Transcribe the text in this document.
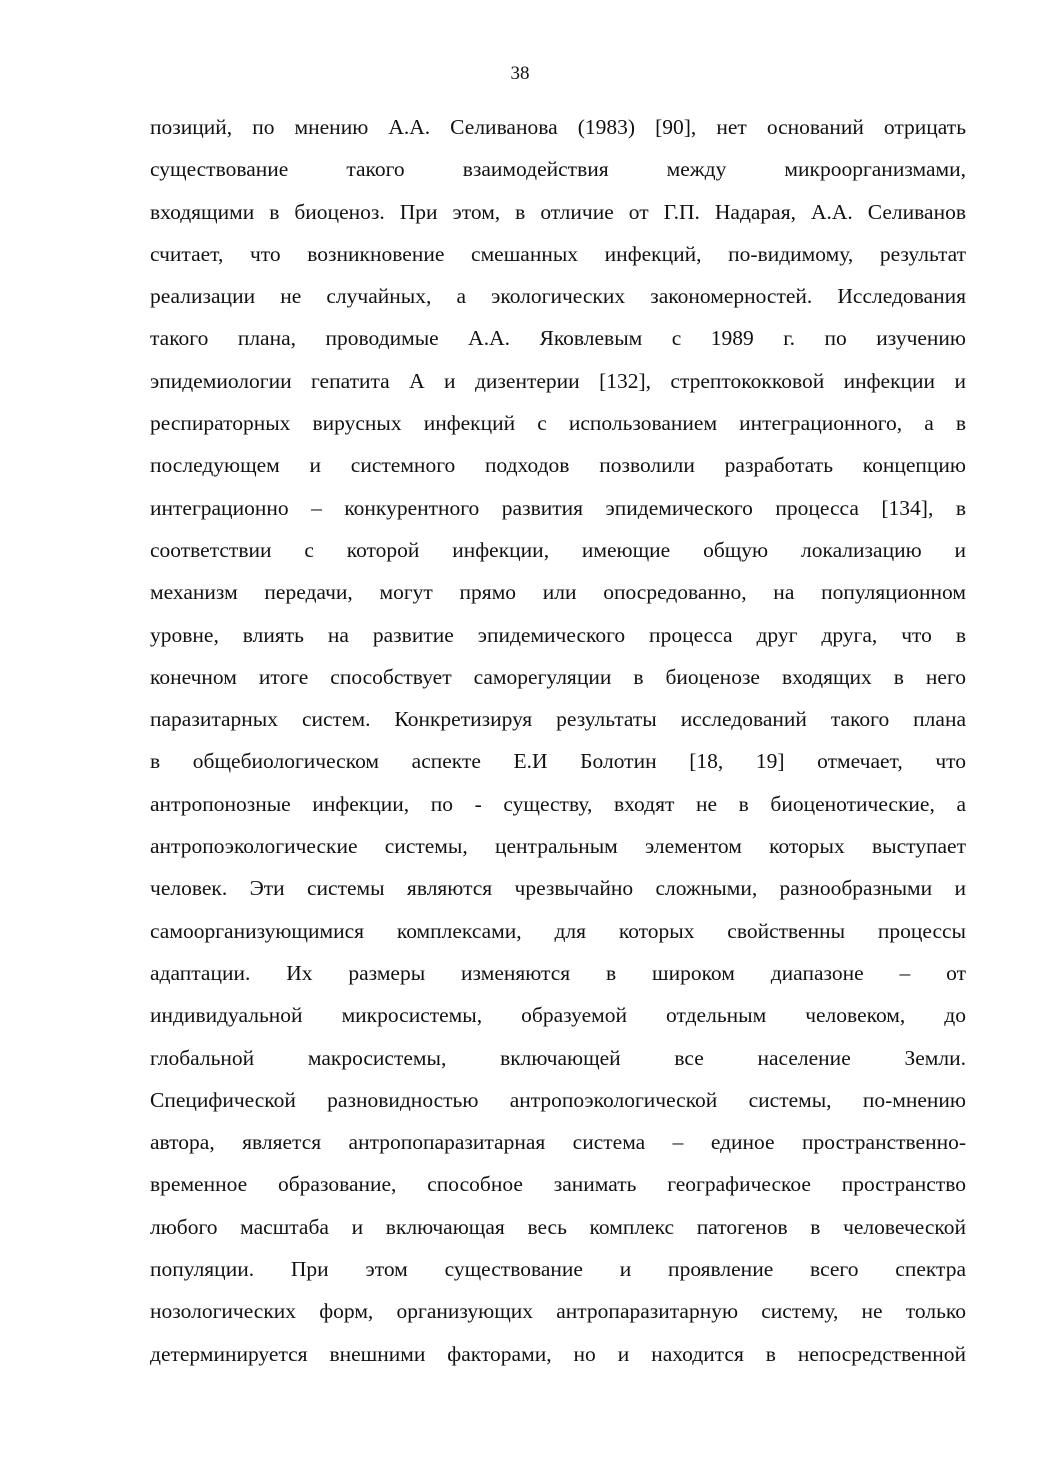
38
позиций, по мнению А.А. Селиванова (1983) [90], нет оснований отрицать
существование такого взаимодействия между микроорганизмами,
входящими в биоценоз. При этом, в отличие от Г.П. Надарая, А.А. Селиванов
считает, что возникновение смешанных инфекций, по-видимому, результат
реализации не случайных, а экологических закономерностей. Исследования
такого плана, проводимые А.А. Яковлевым с 1989 г. по изучению
эпидемиологии гепатита А и дизентерии [132], стрептококковой инфекции и
респираторных вирусных инфекций с использованием интеграционного, а в
последующем и системного подходов позволили разработать концепцию
интеграционно – конкурентного развития эпидемического процесса [134], в
соответствии с которой инфекции, имеющие общую локализацию и
механизм передачи, могут прямо или опосредованно, на популяционном
уровне, влиять на развитие эпидемического процесса друг друга, что в
конечном итоге способствует саморегуляции в биоценозе входящих в него
паразитарных систем. Конкретизируя результаты исследований такого плана
в общебиологическом аспекте Е.И Болотин [18, 19] отмечает, что
антропонозные инфекции, по - существу, входят не в биоценотические, а
антропоэкологические системы, центральным элементом которых выступает
человек. Эти системы являются чрезвычайно сложными, разнообразными и
самоорганизующимися комплексами, для которых свойственны процессы
адаптации. Их размеры изменяются в широком диапазоне – от
индивидуальной микросистемы, образуемой отдельным человеком, до
глобальной макросистемы, включающей все население Земли.
Специфической разновидностью антропоэкологической системы, по-мнению
автора, является антропопаразитарная система – единое пространственно-
временное образование, способное занимать географическое пространство
любого масштаба и включающая весь комплекс патогенов в человеческой
популяции. При этом существование и проявление всего спектра
нозологических форм, организующих антропаразитарную систему, не только
детерминируется внешними факторами, но и находится в непосредственной
